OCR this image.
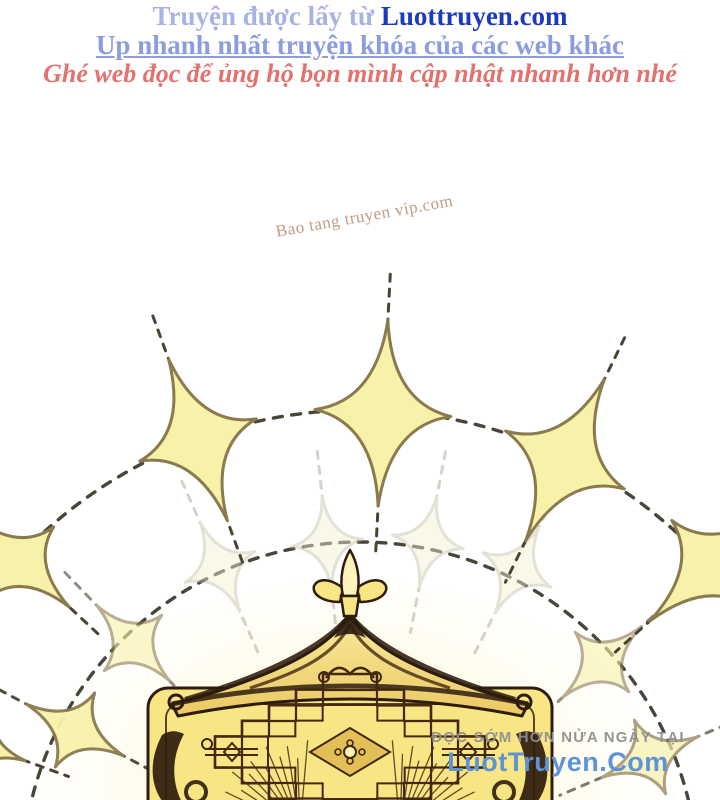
Truyện được lấy từ Luottruyen.com
Up nhanh nhất truyện khóa của các web khác
Ghé web đọc để ủng hộ bọn mình cập nhật nhanh hơn nhé
Bao tang truyen vip.com
ĐỌC SỚM HƠN NỬA NGÀY TẠI
LuotTruyen.Com
